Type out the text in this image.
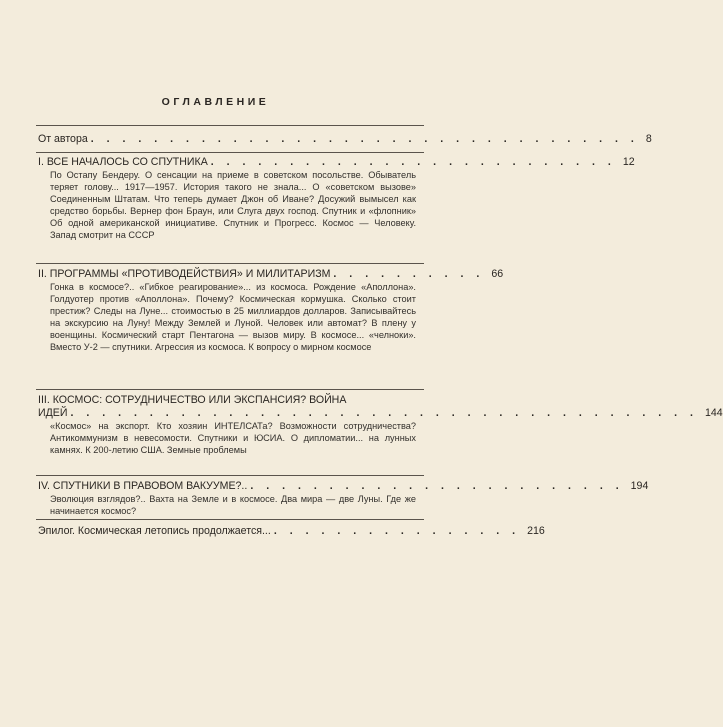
ОГЛАВЛЕНИЕ
От автора . . . . . . . . . . . . . . . . . . . . . . . . . . . . . . . . . . . 8
I. ВСЕ НАЧАЛОСЬ СО СПУТНИКА . . . . . . . . . . . . . . . . . . . . . . . . . . 12
По Остапу Бендеру. О сенсации на приеме в советском посольстве. Обыватель теряет голову... 1917—1957. История такого не знала... О «советском вызове» Соединенным Штатам. Что теперь думает Джон об Иване? Досужий вымысел как средство борьбы. Вернер фон Браун, или Слуга двух господ. Спутник и «флопник» Об одной американской инициативе. Спутник и Прогресс. Космос — Человеку. Запад смотрит на СССР
II. ПРОГРАММЫ «ПРОТИВОДЕЙСТВИЯ» И МИЛИТАРИЗМ . . . . . . . . . . 66
Гонка в космосе?.. «Гибкое реагирование»... из космоса. Рождение «Аполлона». Голдуотер против «Аполлона». Почему? Космическая кормушка. Сколько стоит престиж? Следы на Луне... стоимостью в 25 миллиардов долларов. Записывайтесь на экскурсию на Луну! Между Землей и Луной. Человек или автомат? В плену у военщины. Космический старт Пентагона — вызов миру. В космосе... «челноки». Вместо У-2 — спутники. Агрессия из космоса. К вопросу о мирном космосе
III. КОСМОС: СОТРУДНИЧЕСТВО ИЛИ ЭКСПАНСИЯ? ВОЙНА
ИДЕЙ . . . . . . . . . . . . . . . . . . . . . . . . . . . . . . . . . . . . . . . . 144
«Космос» на экспорт. Кто хозяин ИНТЕЛСАТа? Возможности сотрудничества? Антикоммунизм в невесомости. Спутники и ЮСИА. О дипломатии... на лунных камнях. К 200-летию США. Земные проблемы
IV. СПУТНИКИ В ПРАВОВОМ ВАКУУМЕ?.. . . . . . . . . . . . . . . . . . . . . . . . . 194
Эволюция взглядов?.. Вахта на Земле и в космосе. Два мира — две Луны. Где же начинается космос?
Эпилог. Космическая летопись продолжается... . . . . . . . . . . . . . . . . 216
